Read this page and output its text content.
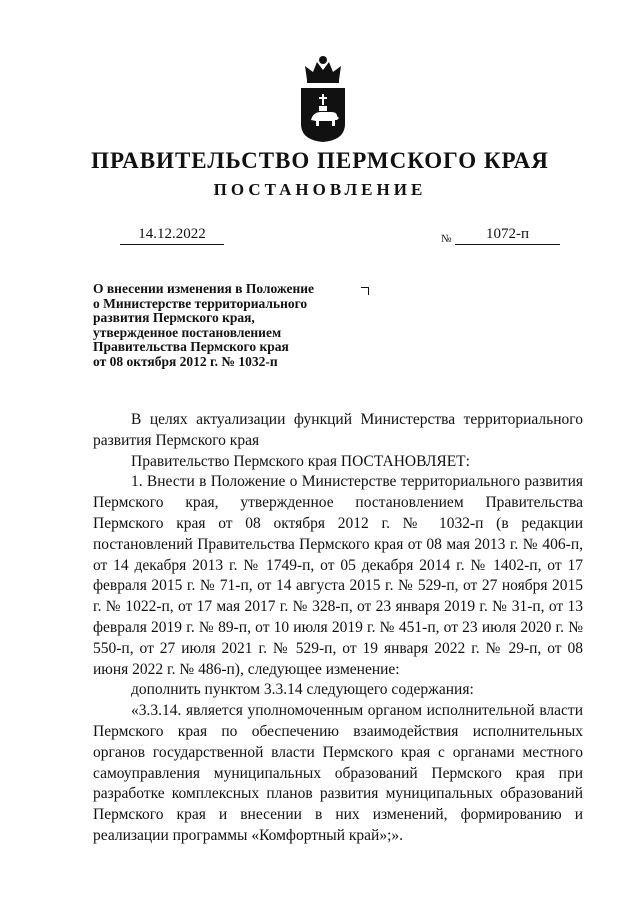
ПРАВИТЕЛЬСТВО ПЕРМСКОГО КРАЯ
ПОСТАНОВЛЕНИЕ
14.12.2022	№	1072-п
О внесении изменения в Положение
о Министерстве территориального
развития Пермского края,
утвержденное постановлением
Правительства Пермского края
от 08 октября 2012 г. № 1032-п

В целях актуализации функций Министерства территориального развития Пермского края

Правительство Пермского края ПОСТАНОВЛЯЕТ:

1. Внести в Положение о Министерстве территориального развития Пермского края, утвержденное постановлением Правительства Пермского края от 08 октября 2012 г. № 1032-п (в редакции постановлений Правительства Пермского края от 08 мая 2013 г. № 406-п, от 14 декабря 2013 г. № 1749-п, от 05 декабря 2014 г. № 1402-п, от 17 февраля 2015 г. № 71-п, от 14 августа 2015 г. № 529-п, от 27 ноября 2015 г. № 1022-п, от 17 мая 2017 г. № 328-п, от 23 января 2019 г. № 31-п, от 13 февраля 2019 г. № 89-п, от 10 июля 2019 г. № 451-п, от 23 июля 2020 г. № 550-п, от 27 июля 2021 г. № 529-п, от 19 января 2022 г. № 29-п, от 08 июня 2022 г. № 486-п), следующее изменение:

дополнить пунктом 3.3.14 следующего содержания:

«3.3.14. является уполномоченным органом исполнительной власти Пермского края по обеспечению взаимодействия исполнительных органов государственной власти Пермского края с органами местного самоуправления муниципальных образований Пермского края при разработке комплексных планов развития муниципальных образований Пермского края и внесении в них изменений, формированию и реализации программы «Комфортный край»;».
